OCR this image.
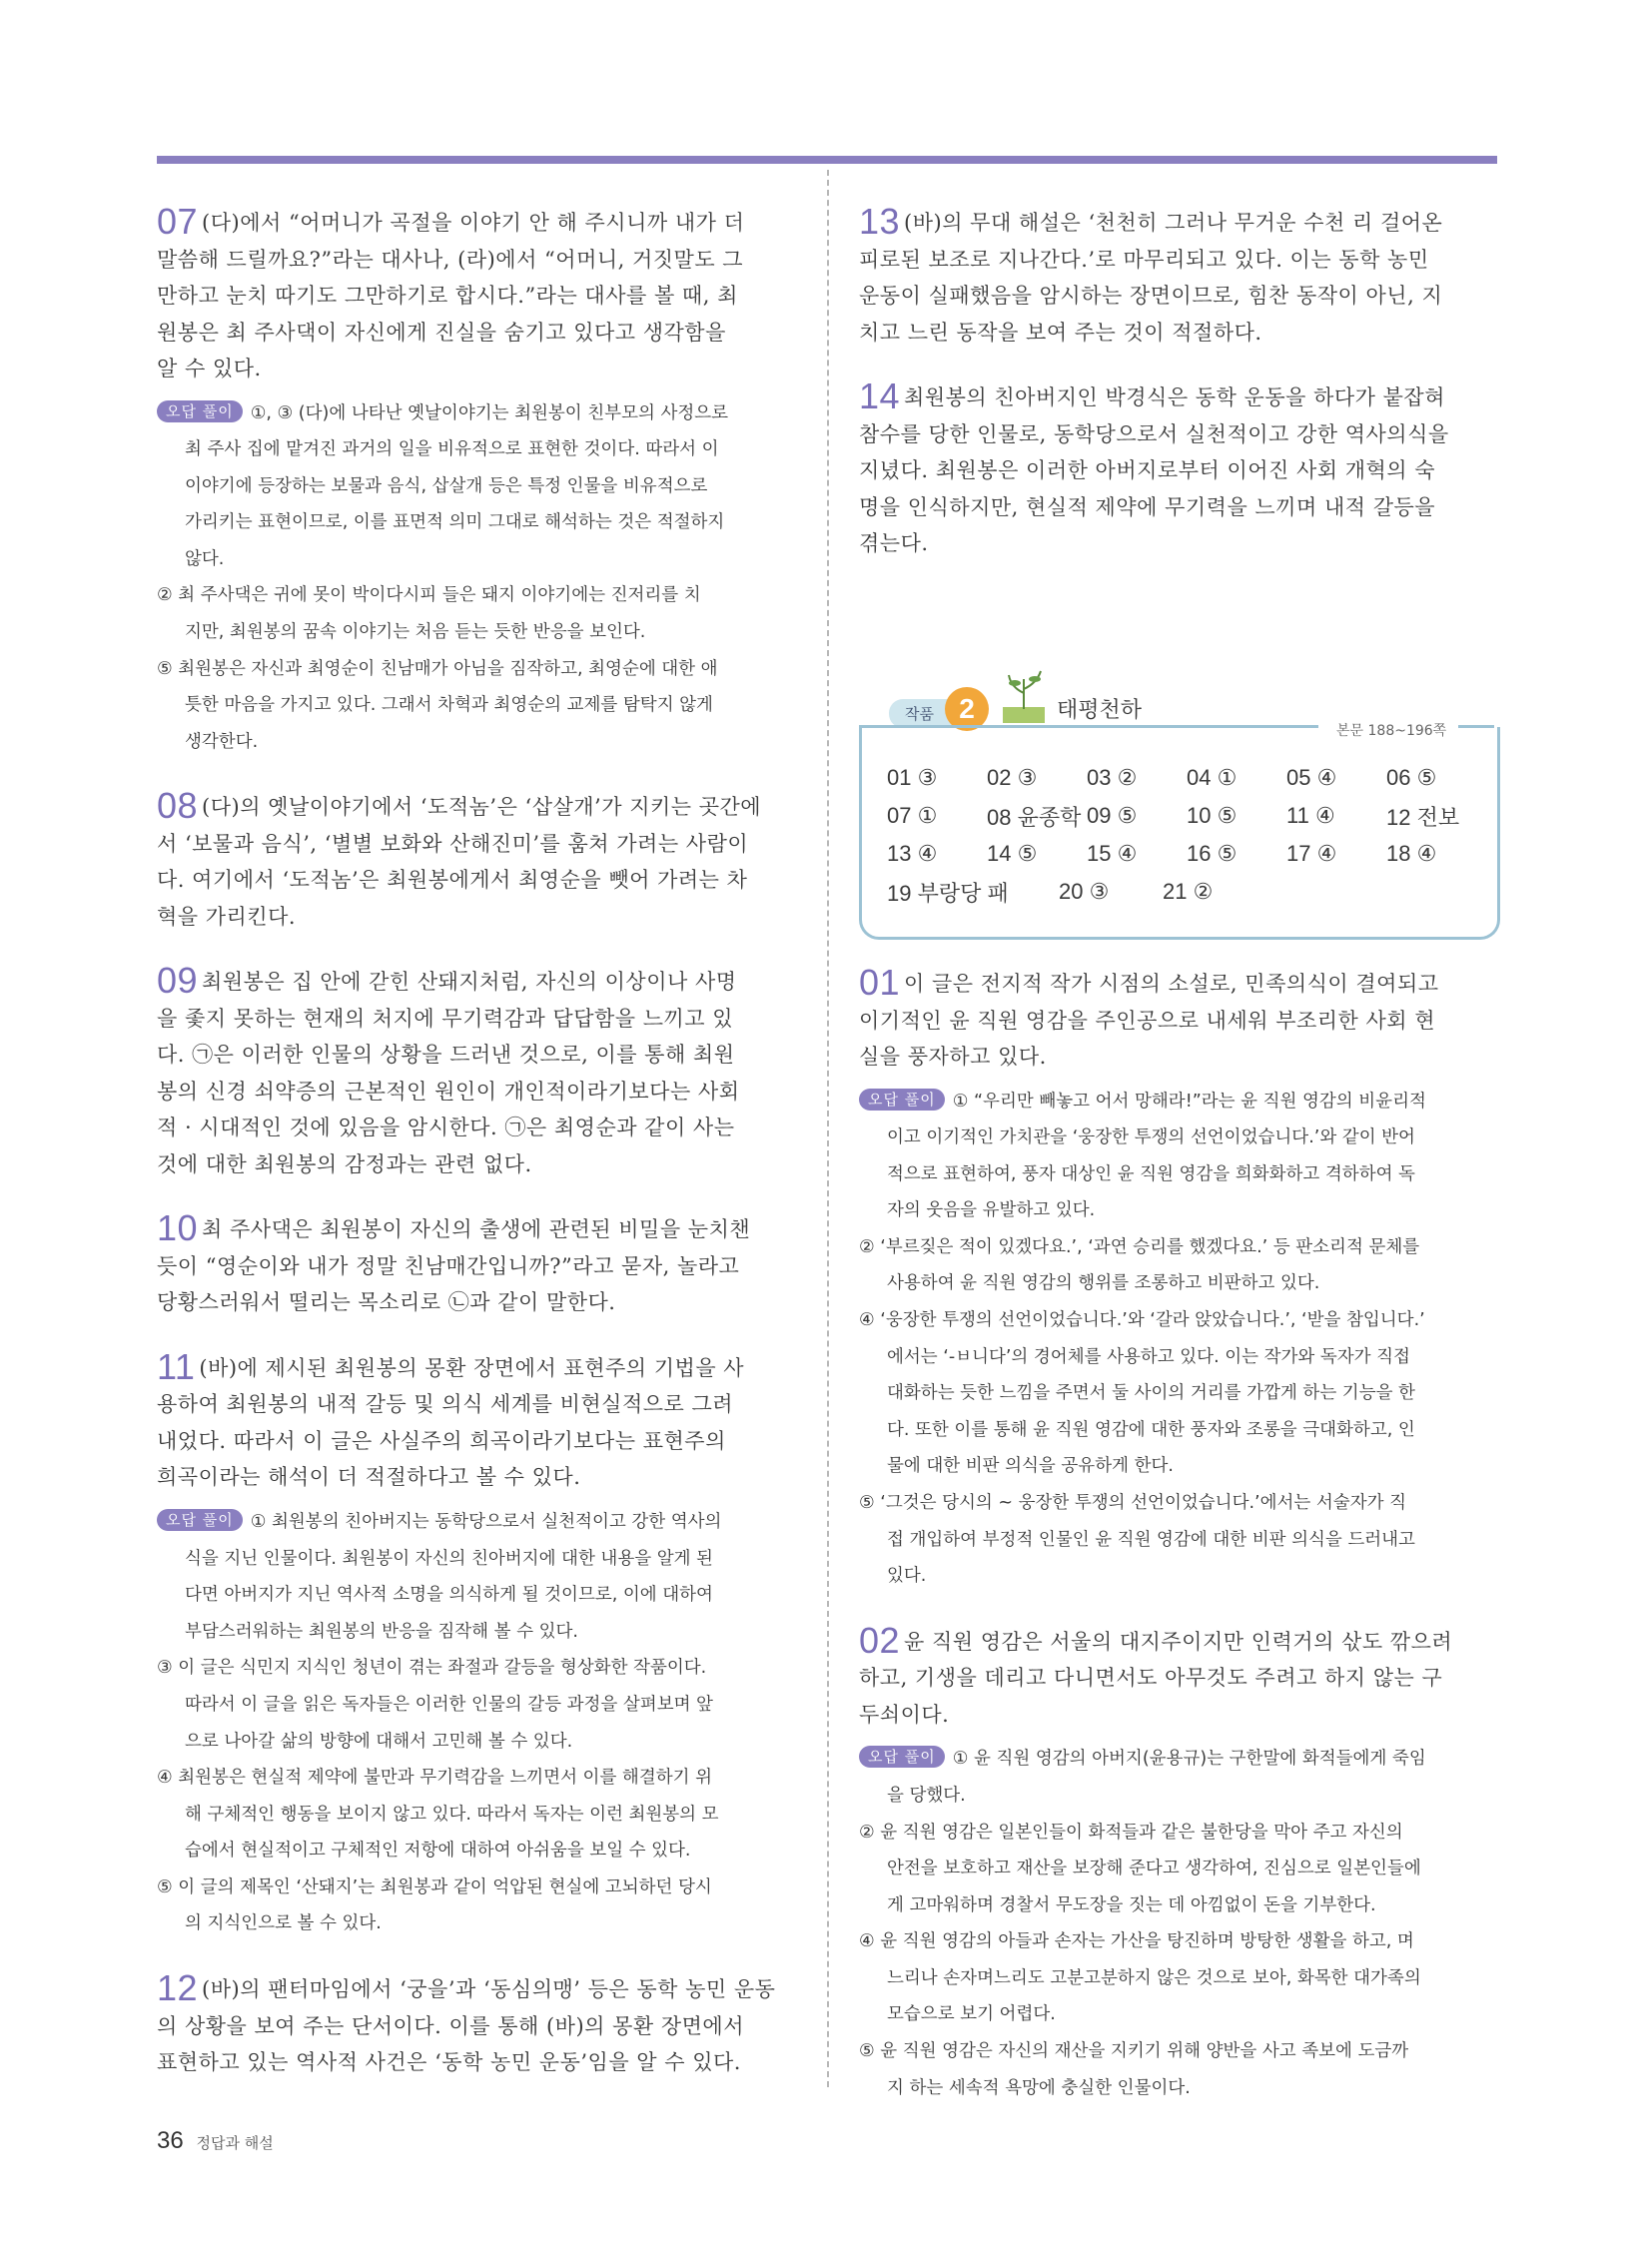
07 (다)에서 “어머니가 곡절을 이야기 안 해 주시니까 내가 더

말씀해 드릴까요?”라는 대사나, (라)에서 “어머니, 거짓말도 그

만하고 눈치 따기도 그만하기로 합시다.”라는 대사를 볼 때, 최

원봉은 최 주사댁이 자신에게 진실을 숨기고 있다고 생각함을

알 수 있다.

오답 풀이 ①, ③ (다)에 나타난 옛날이야기는 최원봉이 친부모의 사정으로

최 주사 집에 맡겨진 과거의 일을 비유적으로 표현한 것이다. 따라서 이

이야기에 등장하는 보물과 음식, 삽살개 등은 특정 인물을 비유적으로

가리키는 표현이므로, 이를 표면적 의미 그대로 해석하는 것은 적절하지

않다.

② 최 주사댁은 귀에 못이 박이다시피 들은 돼지 이야기에는 진저리를 치

지만, 최원봉의 꿈속 이야기는 처음 듣는 듯한 반응을 보인다.

⑤ 최원봉은 자신과 최영순이 친남매가 아님을 짐작하고, 최영순에 대한 애

틋한 마음을 가지고 있다. 그래서 차혁과 최영순의 교제를 탐탁지 않게

생각한다.

08 (다)의 옛날이야기에서 ‘도적놈’은 ‘삽살개’가 지키는 곳간에

서 ‘보물과 음식’, ‘별별 보화와 산해진미’를 훔쳐 가려는 사람이

다. 여기에서 ‘도적놈’은 최원봉에게서 최영순을 뺏어 가려는 차

혁을 가리킨다.

09 최원봉은 집 안에 갇힌 산돼지처럼, 자신의 이상이나 사명

을 좇지 못하는 현재의 처지에 무기력감과 답답함을 느끼고 있

다. ㉠은 이러한 인물의 상황을 드러낸 것으로, 이를 통해 최원

봉의 신경 쇠약증의 근본적인 원인이 개인적이라기보다는 사회

적 · 시대적인 것에 있음을 암시한다. ㉠은 최영순과 같이 사는

것에 대한 최원봉의 감정과는 관련 없다.

10 최 주사댁은 최원봉이 자신의 출생에 관련된 비밀을 눈치챈

듯이 “영순이와 내가 정말 친남매간입니까?”라고 묻자, 놀라고

당황스러워서 떨리는 목소리로 ㉡과 같이 말한다.

11 (바)에 제시된 최원봉의 몽환 장면에서 표현주의 기법을 사

용하여 최원봉의 내적 갈등 및 의식 세계를 비현실적으로 그려

내었다. 따라서 이 글은 사실주의 희곡이라기보다는 표현주의

희곡이라는 해석이 더 적절하다고 볼 수 있다.

오답 풀이 ① 최원봉의 친아버지는 동학당으로서 실천적이고 강한 역사의

식을 지닌 인물이다. 최원봉이 자신의 친아버지에 대한 내용을 알게 된

다면 아버지가 지닌 역사적 소명을 의식하게 될 것이므로, 이에 대하여

부담스러워하는 최원봉의 반응을 짐작해 볼 수 있다.

③ 이 글은 식민지 지식인 청년이 겪는 좌절과 갈등을 형상화한 작품이다.

따라서 이 글을 읽은 독자들은 이러한 인물의 갈등 과정을 살펴보며 앞

으로 나아갈 삶의 방향에 대해서 고민해 볼 수 있다.

④ 최원봉은 현실적 제약에 불만과 무기력감을 느끼면서 이를 해결하기 위

해 구체적인 행동을 보이지 않고 있다. 따라서 독자는 이런 최원봉의 모

습에서 현실적이고 구체적인 저항에 대하여 아쉬움을 보일 수 있다.

⑤ 이 글의 제목인 ‘산돼지’는 최원봉과 같이 억압된 현실에 고뇌하던 당시

의 지식인으로 볼 수 있다.

12 (바)의 팬터마임에서 ‘궁을’과 ‘동심의맹’ 등은 동학 농민 운동

의 상황을 보여 주는 단서이다. 이를 통해 (바)의 몽환 장면에서

표현하고 있는 역사적 사건은 ‘동학 농민 운동’임을 알 수 있다.

13 (바)의 무대 해설은 ‘천천히 그러나 무거운 수천 리 걸어온

피로된 보조로 지나간다.’로 마무리되고 있다. 이는 동학 농민

운동이 실패했음을 암시하는 장면이므로, 힘찬 동작이 아닌, 지

치고 느린 동작을 보여 주는 것이 적절하다.

14 최원봉의 친아버지인 박경식은 동학 운동을 하다가 붙잡혀

참수를 당한 인물로, 동학당으로서 실천적이고 강한 역사의식을

지녔다. 최원봉은 이러한 아버지로부터 이어진 사회 개혁의 숙

명을 인식하지만, 현실적 제약에 무기력을 느끼며 내적 갈등을

겪는다.

작품 2	태평천하
본문 188~196쪽
01 ③	02 ③	03 ②	04 ①	05 ④	06 ⑤
07 ①	08 윤종학 09 ⑤	10 ⑤	11 ④	12 전보
13 ④	14 ⑤	15 ④	16 ⑤	17 ④	18 ④
19 부랑당 패	20 ③	21 ②

01 이 글은 전지적 작가 시점의 소설로, 민족의식이 결여되고

이기적인 윤 직원 영감을 주인공으로 내세워 부조리한 사회 현

실을 풍자하고 있다.

오답 풀이 ① “우리만 빼놓고 어서 망해라!”라는 윤 직원 영감의 비윤리적

이고 이기적인 가치관을 ‘웅장한 투쟁의 선언이었습니다.’와 같이 반어

적으로 표현하여, 풍자 대상인 윤 직원 영감을 희화화하고 격하하여 독

자의 웃음을 유발하고 있다.

② ‘부르짖은 적이 있겠다요.’, ‘과연 승리를 했겠다요.’ 등 판소리적 문체를

사용하여 윤 직원 영감의 행위를 조롱하고 비판하고 있다.

④ ‘웅장한 투쟁의 선언이었습니다.’와 ‘갈라 앉았습니다.’, ‘받을 참입니다.’

에서는 ‘-ㅂ니다’의 경어체를 사용하고 있다. 이는 작가와 독자가 직접

대화하는 듯한 느낌을 주면서 둘 사이의 거리를 가깝게 하는 기능을 한

다. 또한 이를 통해 윤 직원 영감에 대한 풍자와 조롱을 극대화하고, 인

물에 대한 비판 의식을 공유하게 한다.

⑤ ‘그것은 당시의 ~ 웅장한 투쟁의 선언이었습니다.’에서는 서술자가 직

접 개입하여 부정적 인물인 윤 직원 영감에 대한 비판 의식을 드러내고

있다.

02 윤 직원 영감은 서울의 대지주이지만 인력거의 삯도 깎으려

하고, 기생을 데리고 다니면서도 아무것도 주려고 하지 않는 구

두쇠이다.

오답 풀이 ① 윤 직원 영감의 아버지(윤용규)는 구한말에 화적들에게 죽임

을 당했다.

② 윤 직원 영감은 일본인들이 화적들과 같은 불한당을 막아 주고 자신의

안전을 보호하고 재산을 보장해 준다고 생각하여, 진심으로 일본인들에

게 고마워하며 경찰서 무도장을 짓는 데 아낌없이 돈을 기부한다.

④ 윤 직원 영감의 아들과 손자는 가산을 탕진하며 방탕한 생활을 하고, 며

느리나 손자며느리도 고분고분하지 않은 것으로 보아, 화목한 대가족의

모습으로 보기 어렵다.

⑤ 윤 직원 영감은 자신의 재산을 지키기 위해 양반을 사고 족보에 도금까

지 하는 세속적 욕망에 충실한 인물이다.

36 정답과 해설
